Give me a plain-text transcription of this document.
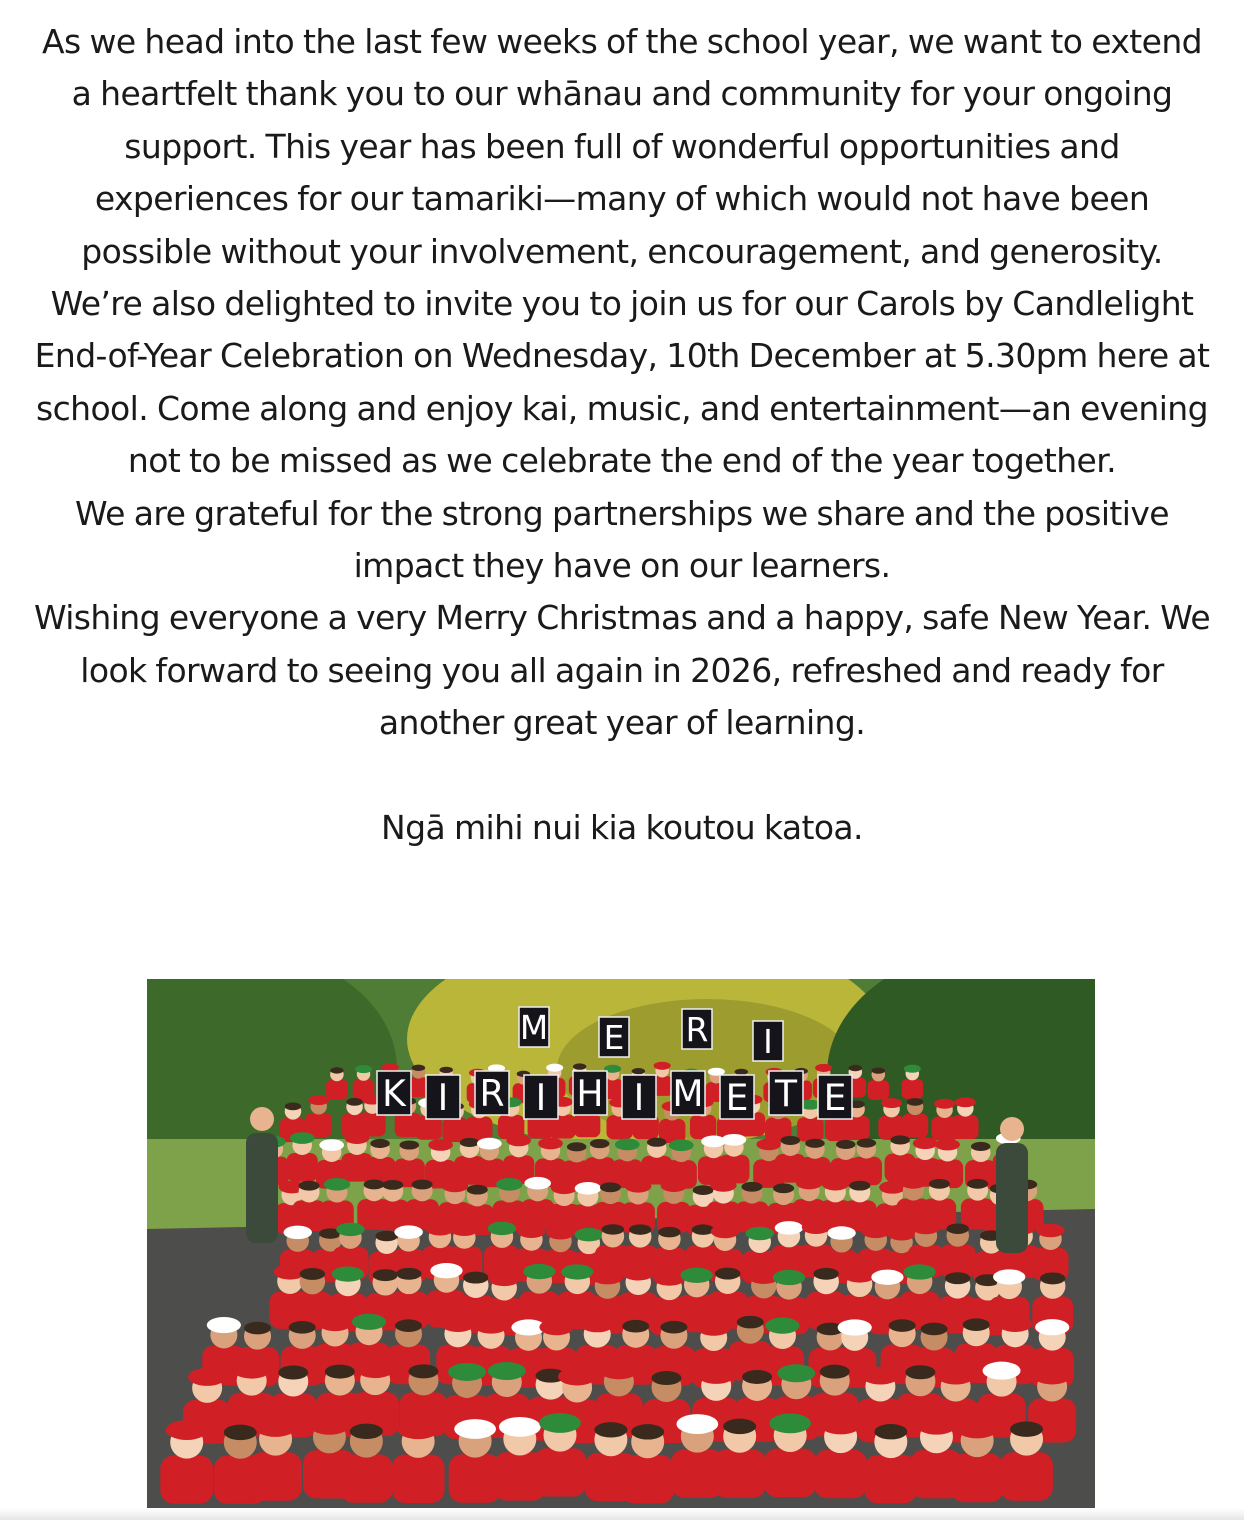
As we head into the last few weeks of the school year, we want to extend a heartfelt thank you to our whānau and community for your ongoing support. This year has been full of wonderful opportunities and experiences for our tamariki—many of which would not have been possible without your involvement, encouragement, and generosity.

We’re also delighted to invite you to join us for our Carols by Candlelight End-of-Year Celebration on Wednesday, 10th December at 5.30pm here at school. Come along and enjoy kai, music, and entertainment—an evening not to be missed as we celebrate the end of the year together.

We are grateful for the strong partnerships we share and the positive impact they have on our learners.

Wishing everyone a very Merry Christmas and a happy, safe New Year. We look forward to seeing you all again in 2026, refreshed and ready for another great year of learning.

Ngā mihi nui kia koutou katoa.

M E R I
K I R I H I M E T E
